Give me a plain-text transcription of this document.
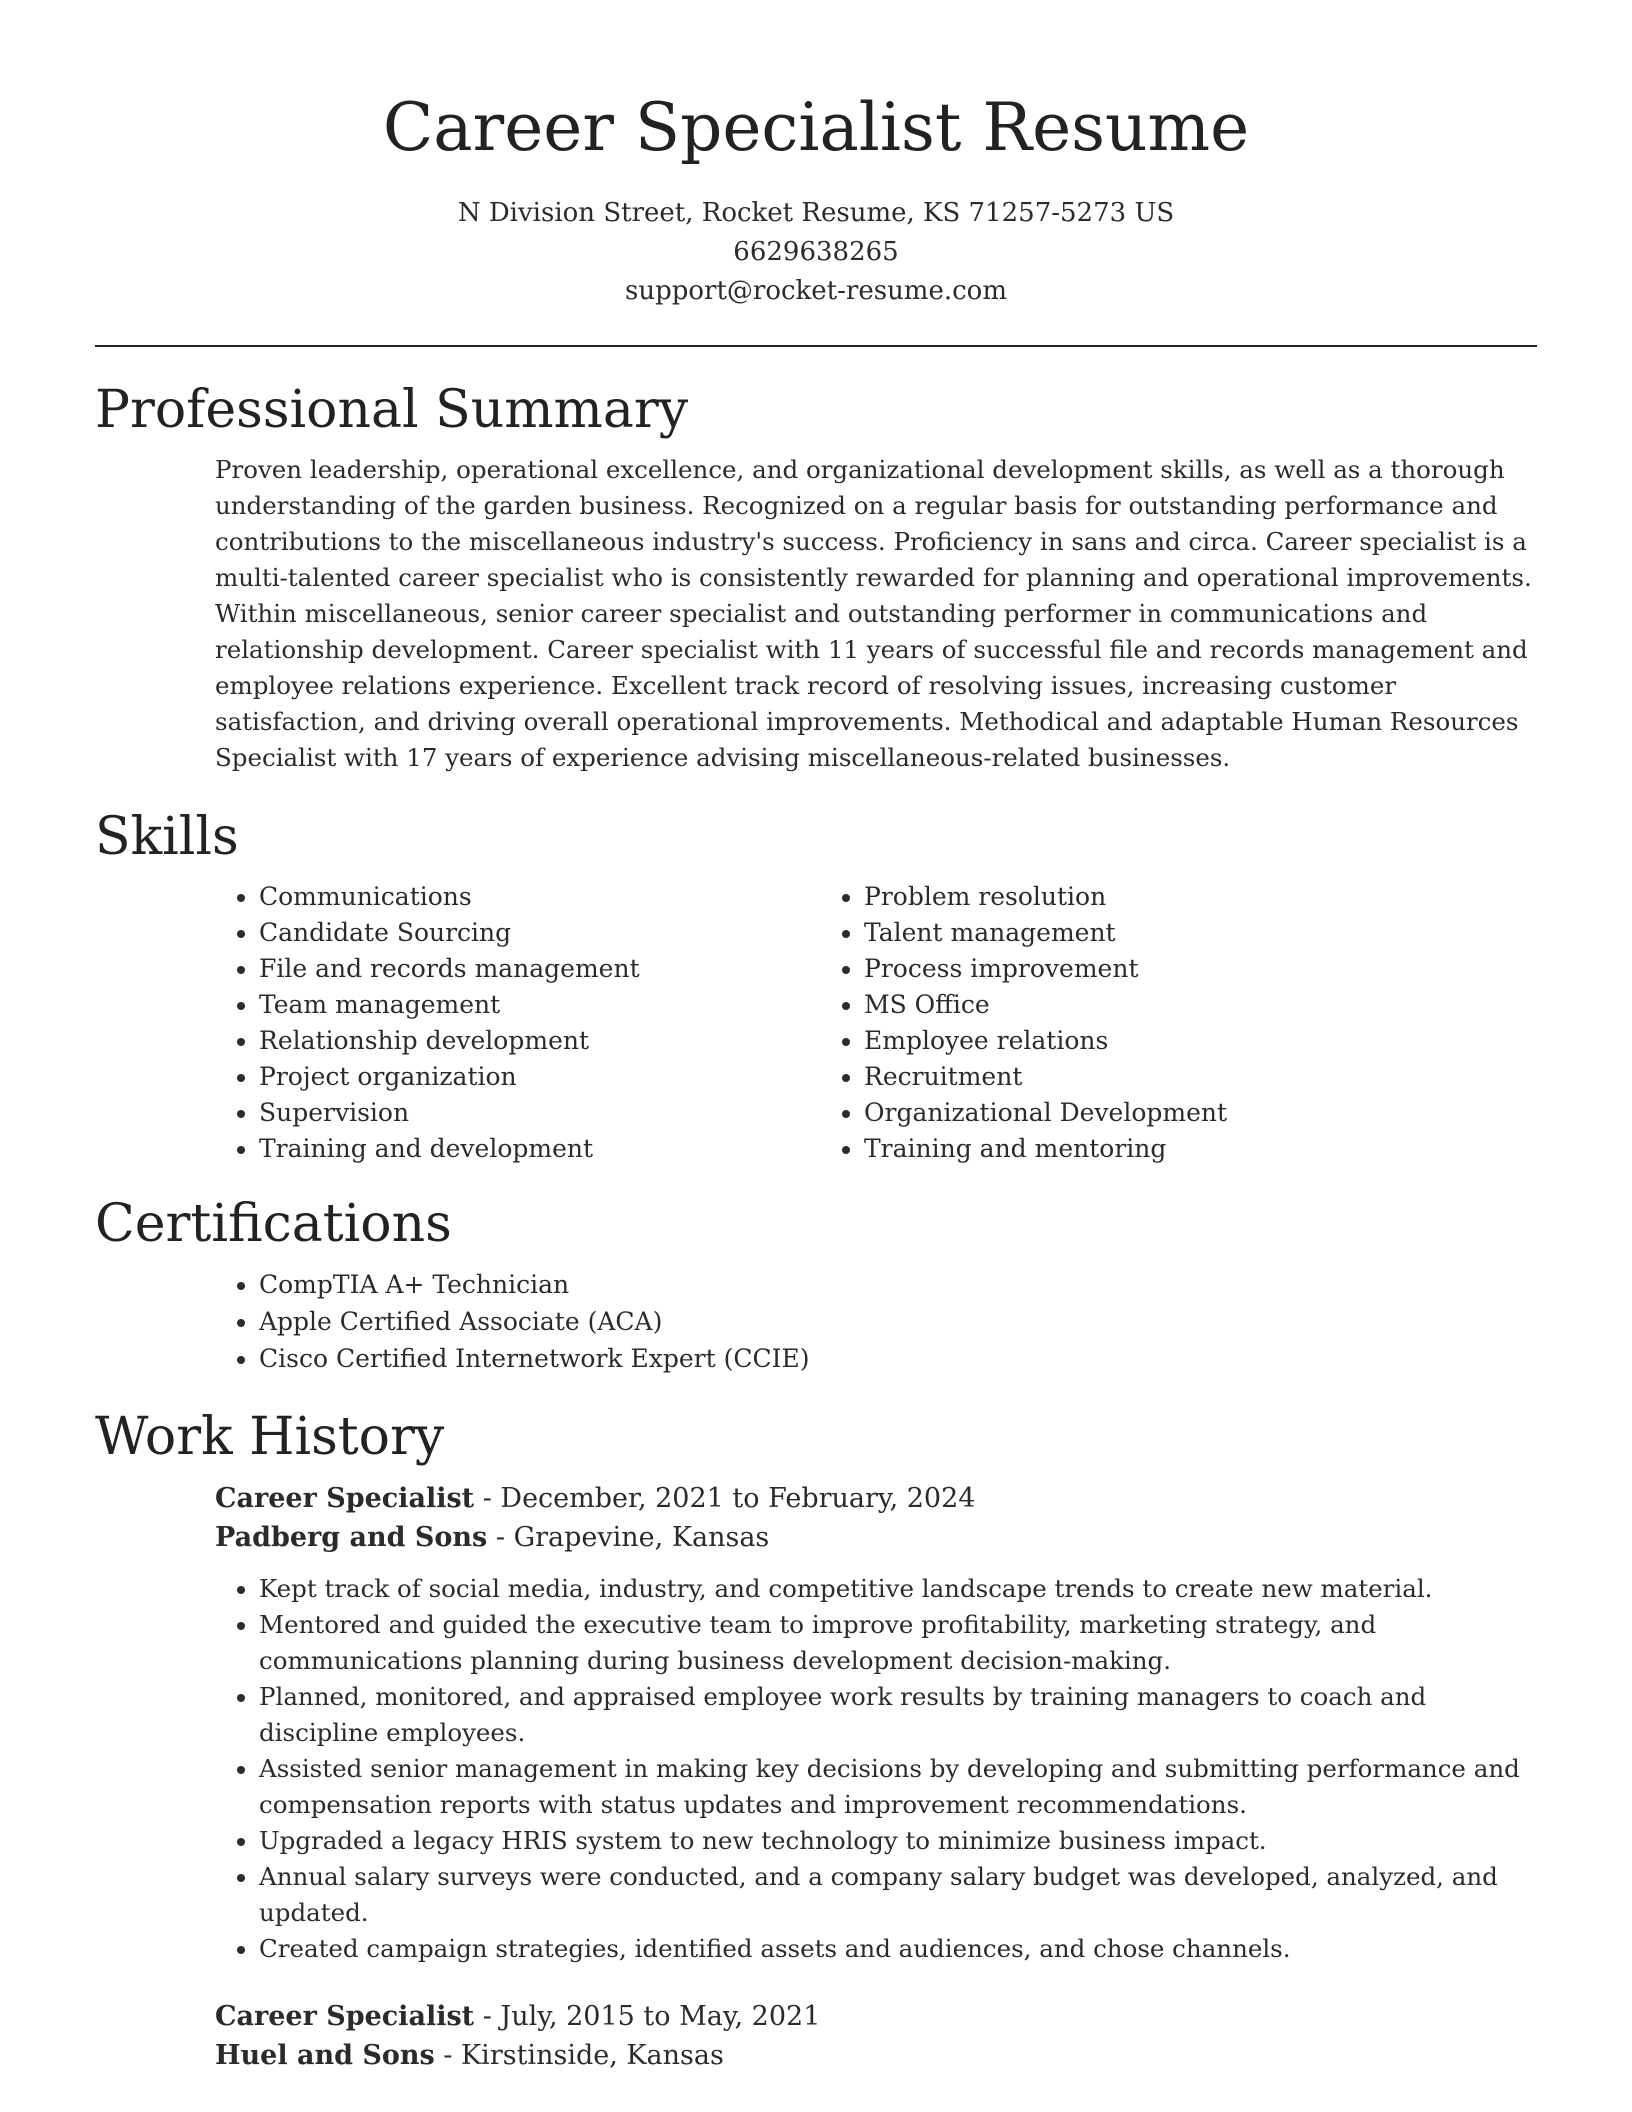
Career Specialist Resume
N Division Street, Rocket Resume, KS 71257-5273 US
6629638265
support@rocket-resume.com
Professional Summary

Proven leadership, operational excellence, and organizational development skills, as well as a thorough understanding of the garden business. Recognized on a regular basis for outstanding performance and contributions to the miscellaneous industry's success. Proficiency in sans and circa. Career specialist is a multi-talented career specialist who is consistently rewarded for planning and operational improvements. Within miscellaneous, senior career specialist and outstanding performer in communications and relationship development. Career specialist with 11 years of successful file and records management and employee relations experience. Excellent track record of resolving issues, increasing customer satisfaction, and driving overall operational improvements. Methodical and adaptable Human Resources Specialist with 17 years of experience advising miscellaneous-related businesses.

Skills
• Communications
• Candidate Sourcing
• File and records management
• Team management
• Relationship development
• Project organization
• Supervision
• Training and development
• Problem resolution
• Talent management
• Process improvement
• MS Office
• Employee relations
• Recruitment
• Organizational Development
• Training and mentoring
Certifications
• CompTIA A+ Technician
• Apple Certified Associate (ACA)
• Cisco Certified Internetwork Expert (CCIE)
Work History
Career Specialist - December, 2021 to February, 2024
Padberg and Sons - Grapevine, Kansas
• Kept track of social media, industry, and competitive landscape trends to create new material.
• Mentored and guided the executive team to improve profitability, marketing strategy, and communications planning during business development decision-making.
• Planned, monitored, and appraised employee work results by training managers to coach and discipline employees.
• Assisted senior management in making key decisions by developing and submitting performance and compensation reports with status updates and improvement recommendations.
• Upgraded a legacy HRIS system to new technology to minimize business impact.
• Annual salary surveys were conducted, and a company salary budget was developed, analyzed, and updated.
• Created campaign strategies, identified assets and audiences, and chose channels.
Career Specialist - July, 2015 to May, 2021
Huel and Sons - Kirstinside, Kansas
